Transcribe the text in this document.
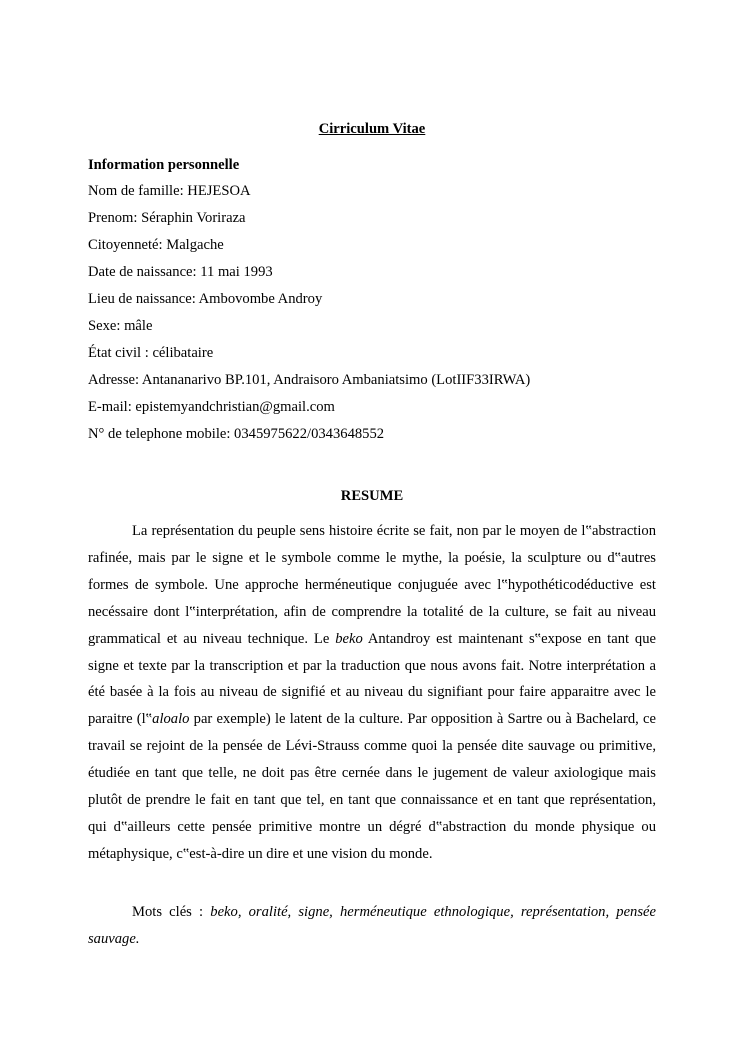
Cirriculum Vitae
Information personnelle
Nom de famille: HEJESOA
Prenom: Séraphin Voriraza
Citoyenneté: Malgache
Date de naissance: 11 mai 1993
Lieu de naissance: Ambovombe Androy
Sexe: mâle
État civil : célibataire
Adresse: Antananarivo BP.101, Andraisoro Ambaniatsimo (LotIIF33IRWA)
E-mail: epistemyandchristian@gmail.com
N° de telephone mobile: 0345975622/0343648552
RESUME

La représentation du peuple sens histoire écrite se fait, non par le moyen de l‟abstraction rafinée, mais par le signe et le symbole comme le mythe, la poésie, la sculpture ou d‟autres formes de symbole. Une approche herméneutique conjuguée avec l‟hypothéticodéductive est necéssaire dont l‟interprétation, afin de comprendre la totalité de la culture, se fait au niveau grammatical et au niveau technique. Le beko Antandroy est maintenant s‟expose en tant que signe et texte par la transcription et par la traduction que nous avons fait. Notre interprétation a été basée à la fois au niveau de signifié et au niveau du signifiant pour faire apparaitre avec le paraitre (l‟aloalo par exemple) le latent de la culture. Par opposition à Sartre ou à Bachelard, ce travail se rejoint de la pensée de Lévi-Strauss comme quoi la pensée dite sauvage ou primitive, étudiée en tant que telle, ne doit pas être cernée dans le jugement de valeur axiologique mais plutôt de prendre le fait en tant que tel, en tant que connaissance et en tant que représentation, qui d‟ailleurs cette pensée primitive montre un dégré d‟abstraction du monde physique ou métaphysique, c‟est-à-dire un dire et une vision du monde.

Mots clés : beko, oralité, signe, herméneutique ethnologique, représentation, pensée sauvage.
